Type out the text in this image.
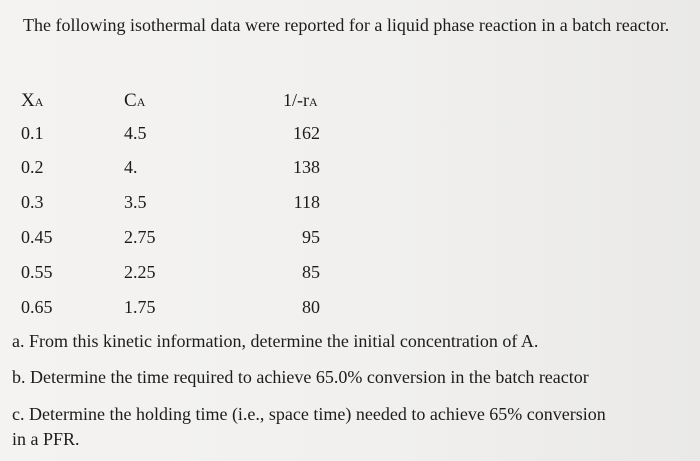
The following isothermal data were reported for a liquid phase reaction in a batch reactor.

XA	CA	1/-rA
0.1	4.5	162
0.2	4.	138
0.3	3.5	118
0.45	2.75	95
0.55	2.25	85
0.65	1.75	80

a. From this kinetic information, determine the initial concentration of A.

b. Determine the time required to achieve 65.0% conversion in the batch reactor

c. Determine the holding time (i.e., space time) needed to achieve 65% conversion

in a PFR.
